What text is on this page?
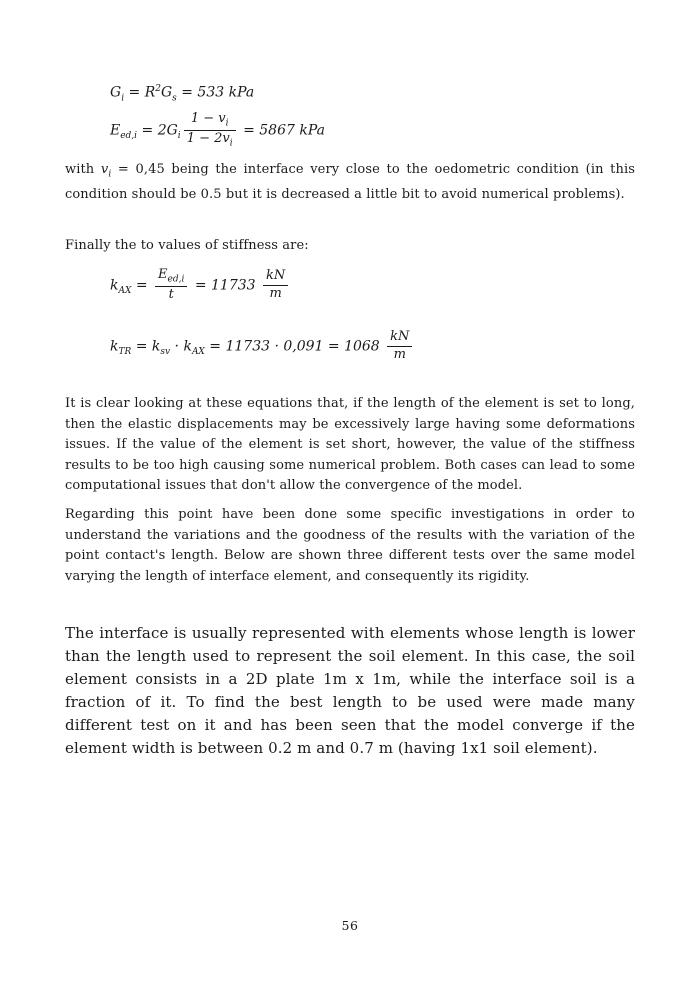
$G_i = R^2G_s = 533$ kPa
$E_{ed,i} = 2G_i \frac{1 - v_i}{1 - 2v_i} = 5867$ kPa
with $v_i = 0,45$ being the interface very close to the oedometric condition (in this condition should be 0.5 but it is decreased a little bit to avoid numerical problems).
Finally the to values of stiffness are:
$k_{AX} = \frac{E_{ed,i}}{t} = 11733 \frac{kN}{m}$
$k_{TR} = k_{sv} \cdot k_{AX} = 11733 \cdot 0,091 = 1068 \frac{kN}{m}$
It is clear looking at these equations that, if the length of the element is set to long, then the elastic displacements may be excessively large having some deformations issues. If the value of the element is set short, however, the value of the stiffness results to be too high causing some numerical problem. Both cases can lead to some computational issues that don't allow the convergence of the model.
Regarding this point have been done some specific investigations in order to understand the variations and the goodness of the results with the variation of the point contact's length. Below are shown three different tests over the same model varying the length of interface element, and consequently its rigidity.
The interface is usually represented with elements whose length is lower than the length used to represent the soil element. In this case, the soil element consists in a 2D plate 1m x 1m, while the interface soil is a fraction of it. To find the best length to be used were made many different test on it and has been seen that the model converge if the element width is between 0.2 m and 0.7 m (having 1x1 soil element).
56
